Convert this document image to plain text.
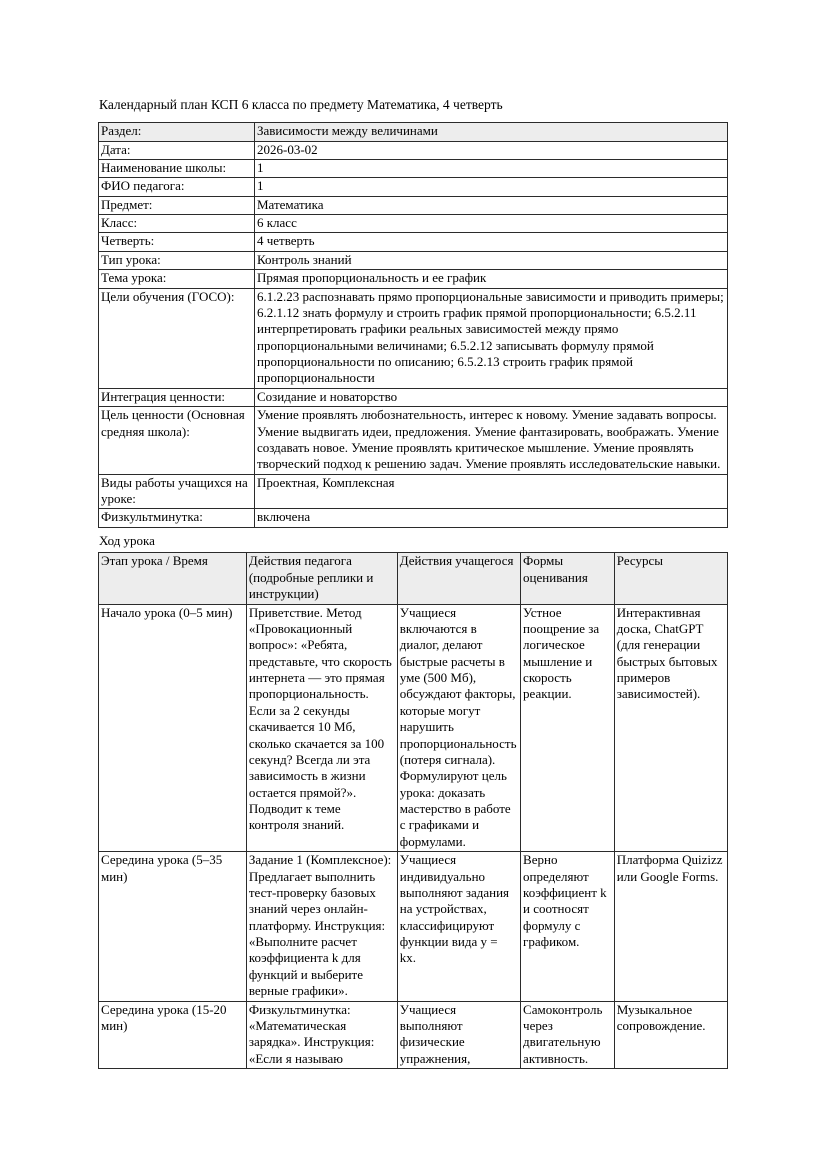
Календарный план КСП 6 класса по предмету Математика, 4 четверть

Раздел:	Зависимости между величинами
Дата:	2026-03-02
Наименование школы:	1
ФИО педагога:	1
Предмет:	Математика
Класс:	6 класс
Четверть:	4 четверть
Тип урока:	Контроль знаний
Тема урока:	Прямая пропорциональность и ее график
Цели обучения (ГОСО):	6.1.2.23 распознавать прямо пропорциональные зависимости и приводить примеры; 6.2.1.12 знать формулу и строить график прямой пропорциональности; 6.5.2.11 интерпретировать графики реальных зависимостей между прямо пропорциональными величинами; 6.5.2.12 записывать формулу прямой пропорциональности по описанию; 6.5.2.13 строить график прямой пропорциональности
Интеграция ценности:	Созидание и новаторство
Цель ценности (Основная средняя школа):	Умение проявлять любознательность, интерес к новому. Умение задавать вопросы. Умение выдвигать идеи, предложения. Умение фантазировать, воображать. Умение создавать новое. Умение проявлять критическое мышление. Умение проявлять творческий подход к решению задач. Умение проявлять исследовательские навыки.
Виды работы учащихся на уроке:	Проектная, Комплексная
Физкультминутка:	включена

Ход урока

Этап урока / Время	Действия педагога (подробные реплики и инструкции)	Действия учащегося	Формы оценивания	Ресурсы
Начало урока (0–5 мин)	Приветствие. Метод «Провокационный вопрос»: «Ребята, представьте, что скорость интернета — это прямая пропорциональность. Если за 2 секунды скачивается 10 Мб, сколько скачается за 100 секунд? Всегда ли эта зависимость в жизни остается прямой?». Подводит к теме контроля знаний.	Учащиеся включаются в диалог, делают быстрые расчеты в уме (500 Мб), обсуждают факторы, которые могут нарушить пропорциональность (потеря сигнала). Формулируют цель урока: доказать мастерство в работе с графиками и формулами.	Устное поощрение за логическое мышление и скорость реакции.	Интерактивная доска, ChatGPT (для генерации быстрых бытовых примеров зависимостей).
Середина урока (5–35 мин)	Задание 1 (Комплексное): Предлагает выполнить тест-проверку базовых знаний через онлайн-платформу. Инструкция: «Выполните расчет коэффициента k для функций и выберите верные графики».	Учащиеся индивидуально выполняют задания на устройствах, классифицируют функции вида y = kx.	Верно определяют коэффициент k и соотносят формулу с графиком.	Платформа Quizizz или Google Forms.
Середина урока (15-20 мин)	Физкультминутка: «Математическая зарядка». Инструкция: «Если я называю	Учащиеся выполняют физические упражнения,	Самоконтроль через двигательную активность.	Музыкальное сопровождение.
